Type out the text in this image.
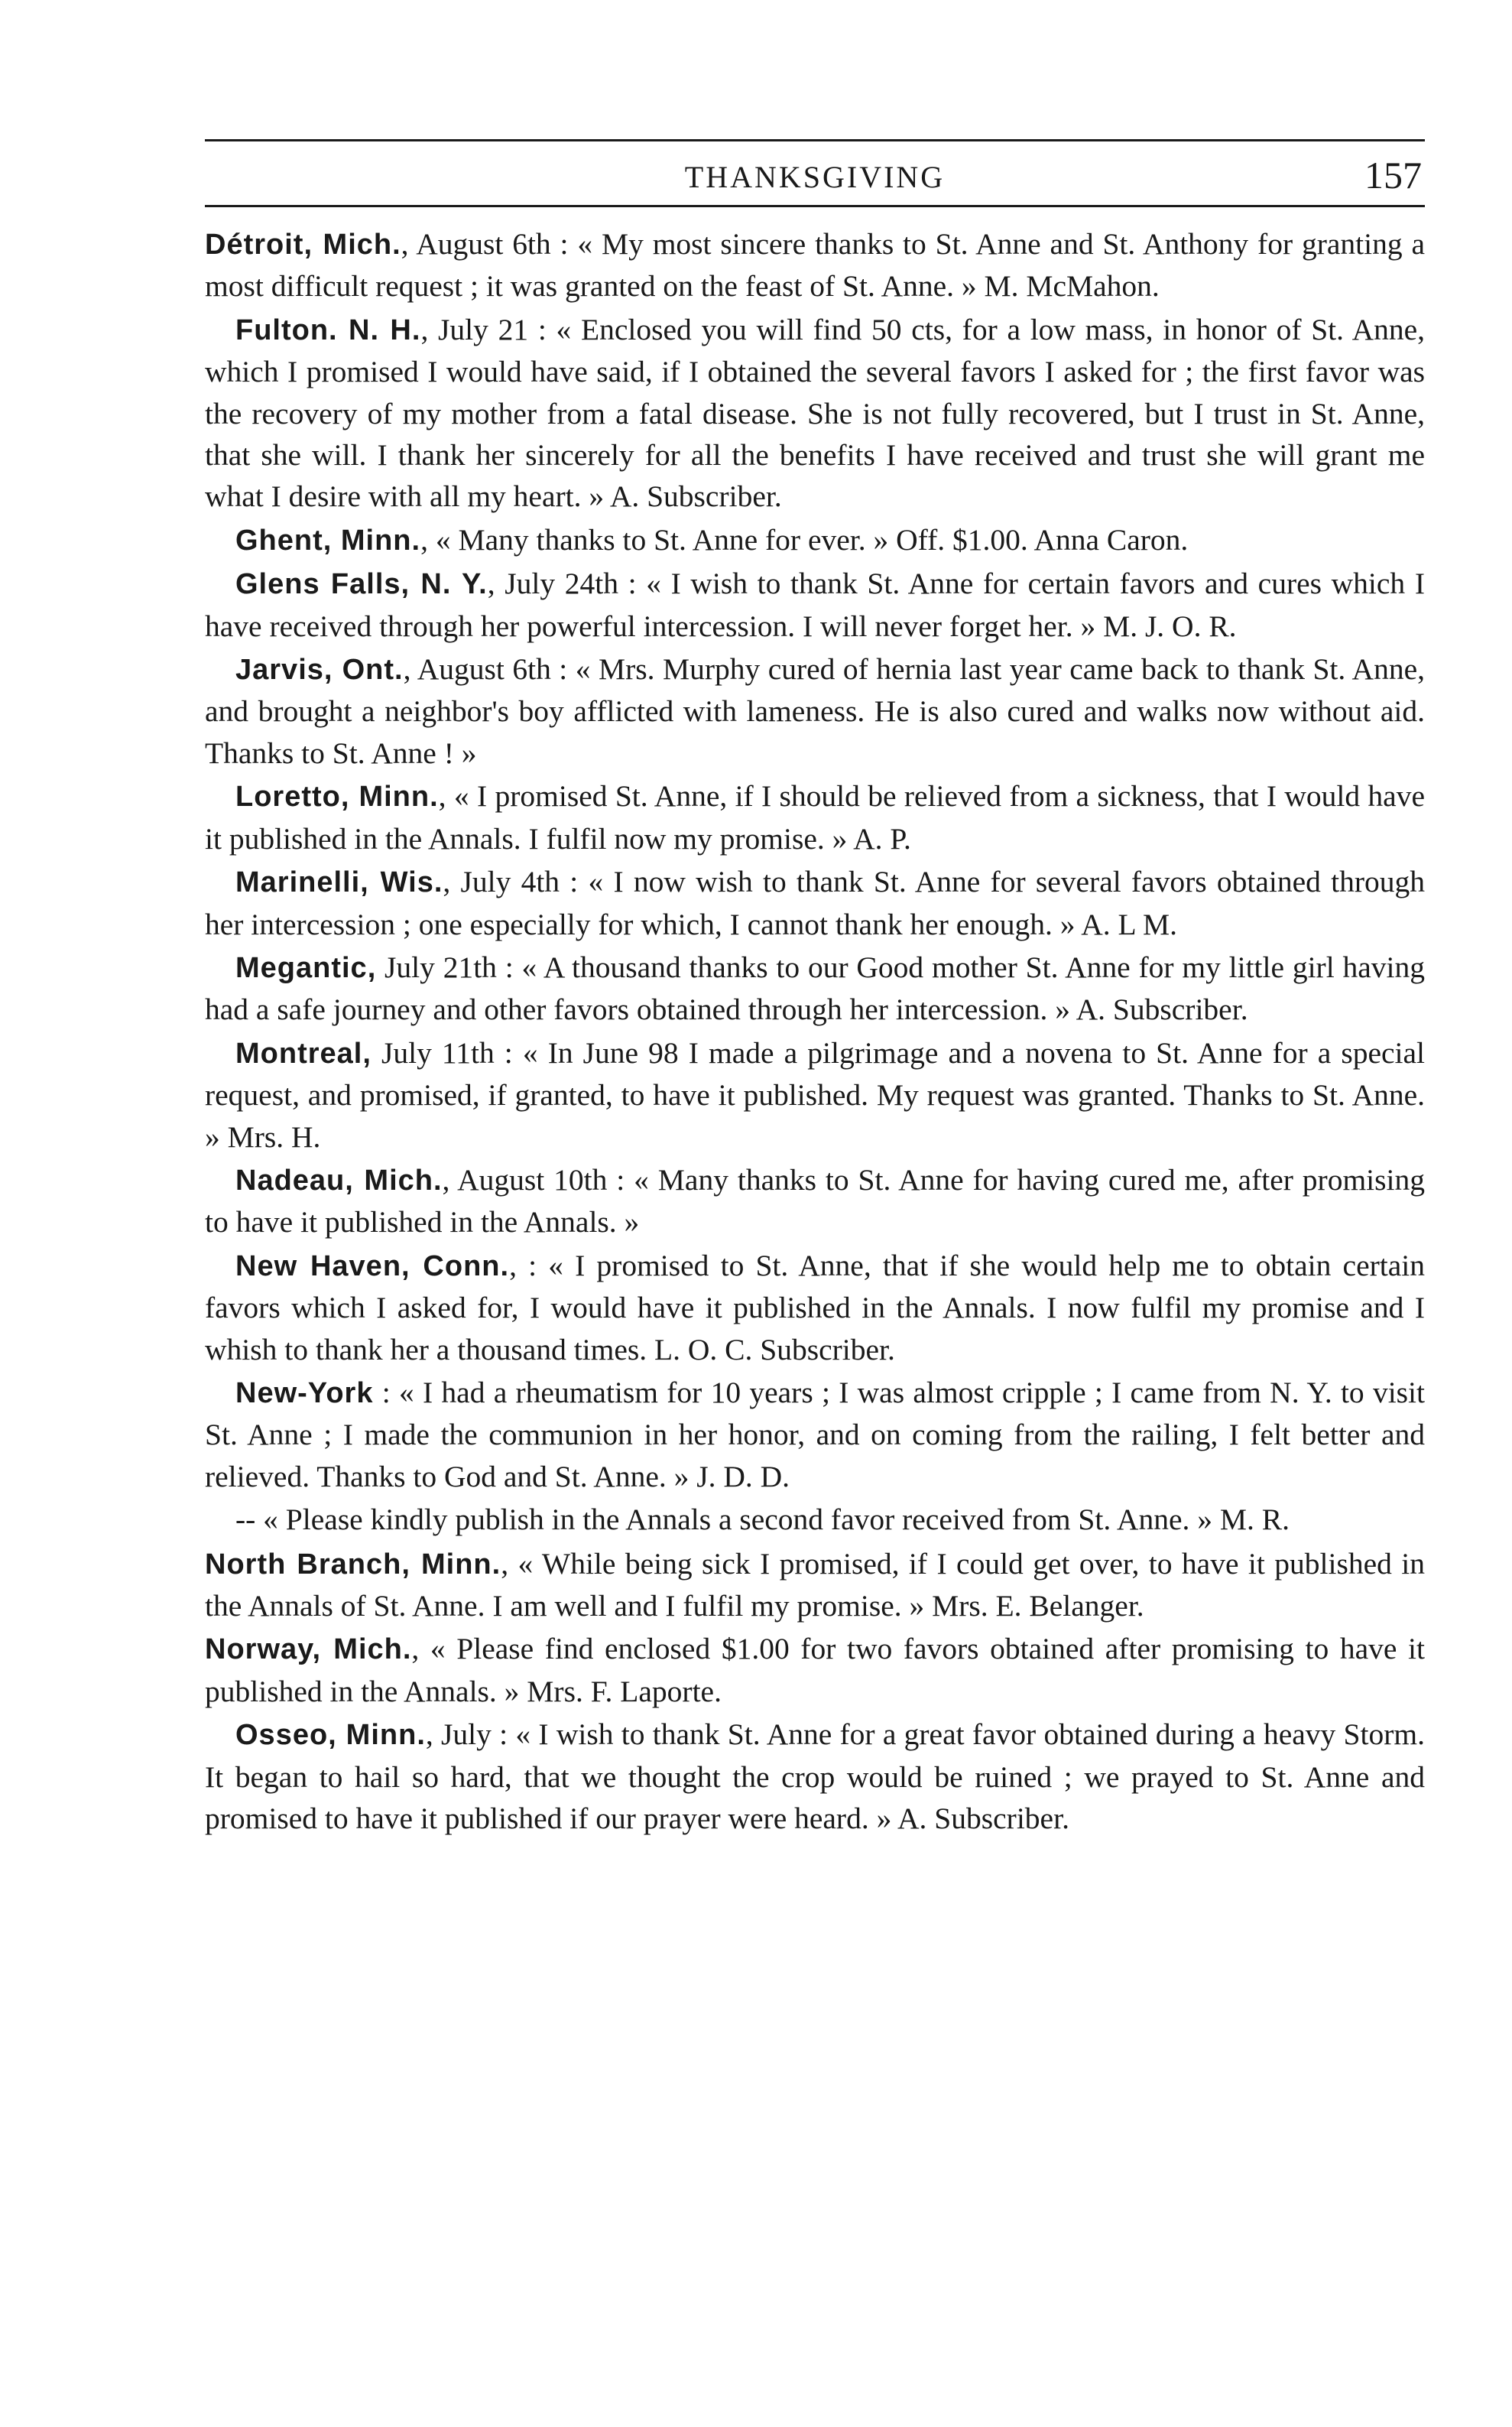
THANKSGIVING	157

Détroit, Mich., August 6th : « My most sincere thanks to St. Anne and St. Anthony for granting a most difficult request ; it was granted on the feast of St. Anne. » M. McMahon.

Fulton. N. H., July 21 : « Enclosed you will find 50 cts, for a low mass, in honor of St. Anne, which I promised I would have said, if I obtained the several favors I asked for ; the first favor was the recovery of my mother from a fatal disease. She is not fully recovered, but I trust in St. Anne, that she will. I thank her sincerely for all the benefits I have received and trust she will grant me what I desire with all my heart. » A. Subscriber.

Ghent, Minn., « Many thanks to St. Anne for ever. » Off. $1.00. Anna Caron.

Glens Falls, N. Y., July 24th : « I wish to thank St. Anne for certain favors and cures which I have received through her powerful intercession. I will never forget her. » M. J. O. R.

Jarvis, Ont., August 6th : « Mrs. Murphy cured of hernia last year came back to thank St. Anne, and brought a neighbor's boy afflicted with lameness. He is also cured and walks now without aid. Thanks to St. Anne ! »

Loretto, Minn., « I promised St. Anne, if I should be relieved from a sickness, that I would have it published in the Annals. I fulfil now my promise. » A. P.

Marinelli, Wis., July 4th : « I now wish to thank St. Anne for several favors obtained through her intercession ; one especially for which, I cannot thank her enough. » A. L M.

Megantic, July 21th : « A thousand thanks to our Good mother St. Anne for my little girl having had a safe journey and other favors obtained through her intercession. » A. Subscriber.

Montreal, July 11th : « In June 98 I made a pilgrimage and a novena to St. Anne for a special request, and promised, if granted, to have it published. My request was granted. Thanks to St. Anne. » Mrs. H.

Nadeau, Mich., August 10th : « Many thanks to St. Anne for having cured me, after promising to have it published in the Annals. »

New Haven, Conn., : « I promised to St. Anne, that if she would help me to obtain certain favors which I asked for, I would have it published in the Annals. I now fulfil my promise and I whish to thank her a thousand times. L. O. C. Subscriber.

New-York : « I had a rheumatism for 10 years ; I was almost cripple ; I came from N. Y. to visit St. Anne ; I made the communion in her honor, and on coming from the railing, I felt better and relieved. Thanks to God and St. Anne. » J. D. D.

-- « Please kindly publish in the Annals a second favor received from St. Anne. » M. R.

North Branch, Minn., « While being sick I promised, if I could get over, to have it published in the Annals of St. Anne. I am well and I fulfil my promise. » Mrs. E. Belanger.

Norway, Mich., « Please find enclosed $1.00 for two favors obtained after promising to have it published in the Annals. » Mrs. F. Laporte.

Osseo, Minn., July : « I wish to thank St. Anne for a great favor obtained during a heavy Storm. It began to hail so hard, that we thought the crop would be ruined ; we prayed to St. Anne and promised to have it published if our prayer were heard. » A. Subscriber.
